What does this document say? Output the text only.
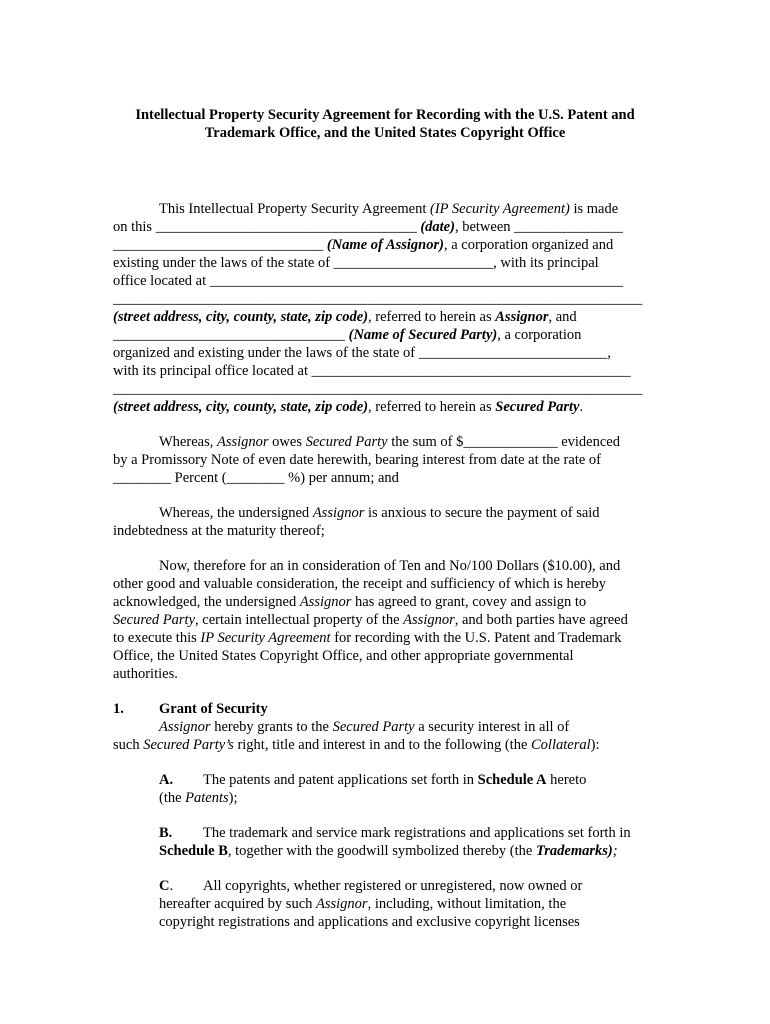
Intellectual Property Security Agreement for Recording with the U.S. Patent and
Trademark Office, and the United States Copyright Office
This Intellectual Property Security Agreement (IP Security Agreement) is made
on this ____________________________________ (date), between _______________
_____________________________ (Name of Assignor), a corporation organized and
existing under the laws of the state of ______________________, with its principal
office located at _________________________________________________________
_________________________________________________________________________
(street address, city, county, state, zip code), referred to herein as Assignor, and
________________________________ (Name of Secured Party), a corporation
organized and existing under the laws of the state of __________________________,
with its principal office located at ____________________________________________
_________________________________________________________________________
(street address, city, county, state, zip code), referred to herein as Secured Party.
Whereas, Assignor owes Secured Party the sum of $_____________ evidenced
by a Promissory Note of even date herewith, bearing interest from date at the rate of
________ Percent (________ %) per annum; and
Whereas, the undersigned Assignor is anxious to secure the payment of said
indebtedness at the maturity thereof;
Now, therefore for an in consideration of Ten and No/100 Dollars ($10.00), and
other good and valuable consideration, the receipt and sufficiency of which is hereby
acknowledged, the undersigned Assignor has agreed to grant, covey and assign to
Secured Party, certain intellectual property of the Assignor, and both parties have agreed
to execute this IP Security Agreement for recording with the U.S. Patent and Trademark
Office, the United States Copyright Office, and other appropriate governmental
authorities.
1.	Grant of Security
Assignor hereby grants to the Secured Party a security interest in all of
such Secured Party’s right, title and interest in and to the following (the Collateral):
A. The patents and patent applications set forth in Schedule A hereto
(the Patents);
B. The trademark and service mark registrations and applications set forth in
Schedule B, together with the goodwill symbolized thereby (the Trademarks);
C. All copyrights, whether registered or unregistered, now owned or
hereafter acquired by such Assignor, including, without limitation, the
copyright registrations and applications and exclusive copyright licenses
